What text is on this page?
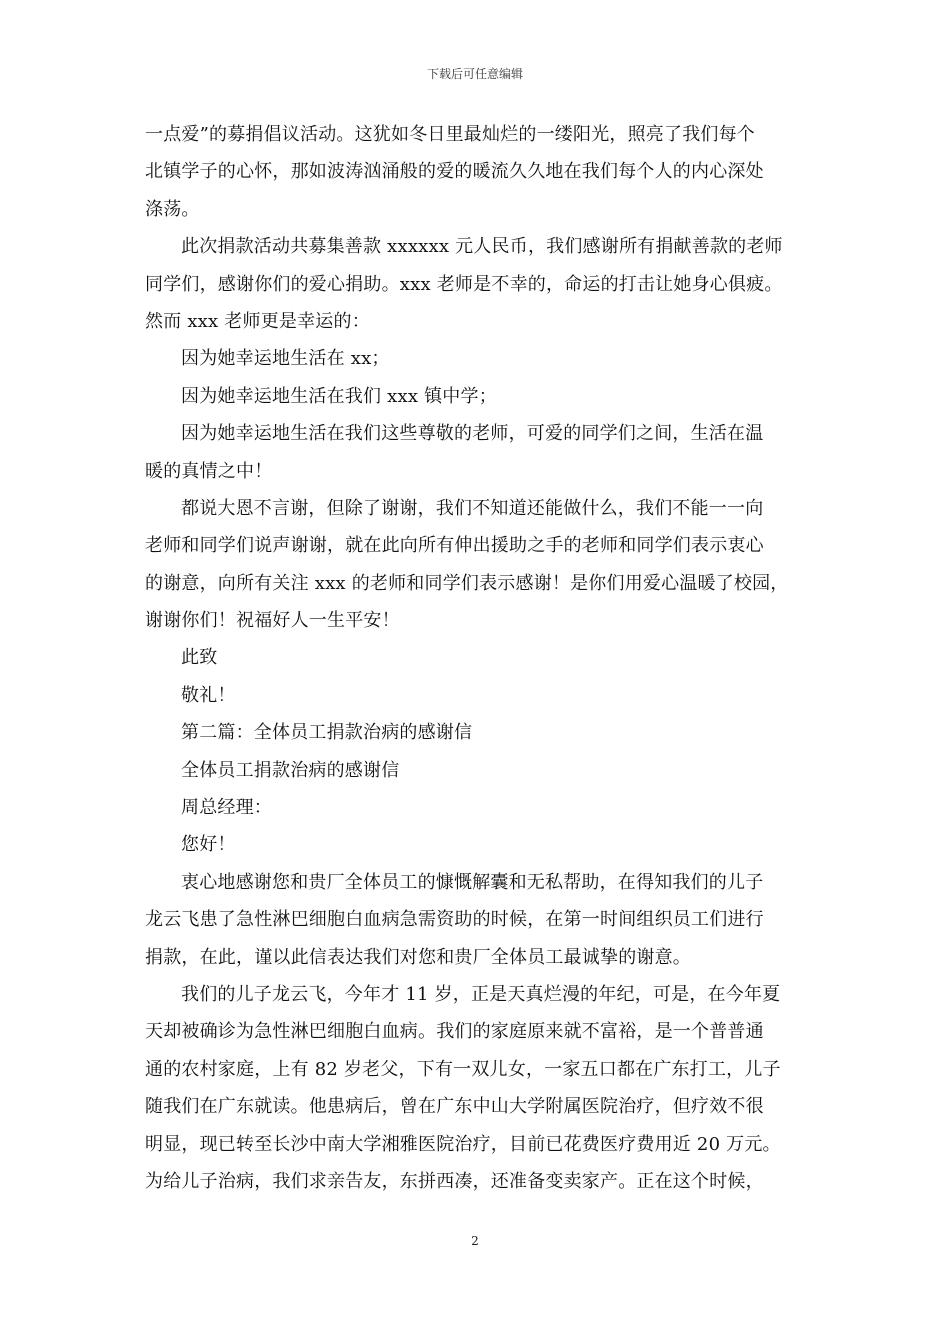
下载后可任意编辑
一点爱”的募捐倡议活动。这犹如冬日里最灿烂的一缕阳光，照亮了我们每个
北镇学子的心怀，那如波涛汹涌般的爱的暖流久久地在我们每个人的内心深处
涤荡。
此次捐款活动共募集善款 xxxxxx 元人民币，我们感谢所有捐献善款的老师
同学们，感谢你们的爱心捐助。xxx 老师是不幸的，命运的打击让她身心俱疲。
然而 xxx 老师更是幸运的：
因为她幸运地生活在 xx；
因为她幸运地生活在我们 xxx 镇中学；
因为她幸运地生活在我们这些尊敬的老师，可爱的同学们之间，生活在温
暖的真情之中！
都说大恩不言谢，但除了谢谢，我们不知道还能做什么，我们不能一一向
老师和同学们说声谢谢，就在此向所有伸出援助之手的老师和同学们表示衷心
的谢意，向所有关注 xxx 的老师和同学们表示感谢！是你们用爱心温暖了校园，
谢谢你们！祝福好人一生平安！
此致
敬礼！
第二篇：全体员工捐款治病的感谢信
全体员工捐款治病的感谢信
周总经理：
您好！
衷心地感谢您和贵厂全体员工的慷慨解囊和无私帮助，在得知我们的儿子
龙云飞患了急性淋巴细胞白血病急需资助的时候，在第一时间组织员工们进行
捐款，在此，谨以此信表达我们对您和贵厂全体员工最诚挚的谢意。
我们的儿子龙云飞，今年才 11 岁，正是天真烂漫的年纪，可是，在今年夏
天却被确诊为急性淋巴细胞白血病。我们的家庭原来就不富裕，是一个普普通
通的农村家庭，上有 82 岁老父，下有一双儿女，一家五口都在广东打工，儿子
随我们在广东就读。他患病后，曾在广东中山大学附属医院治疗，但疗效不很
明显，现已转至长沙中南大学湘雅医院治疗，目前已花费医疗费用近 20 万元。
为给儿子治病，我们求亲告友，东拼西凑，还准备变卖家产。正在这个时候，
2
